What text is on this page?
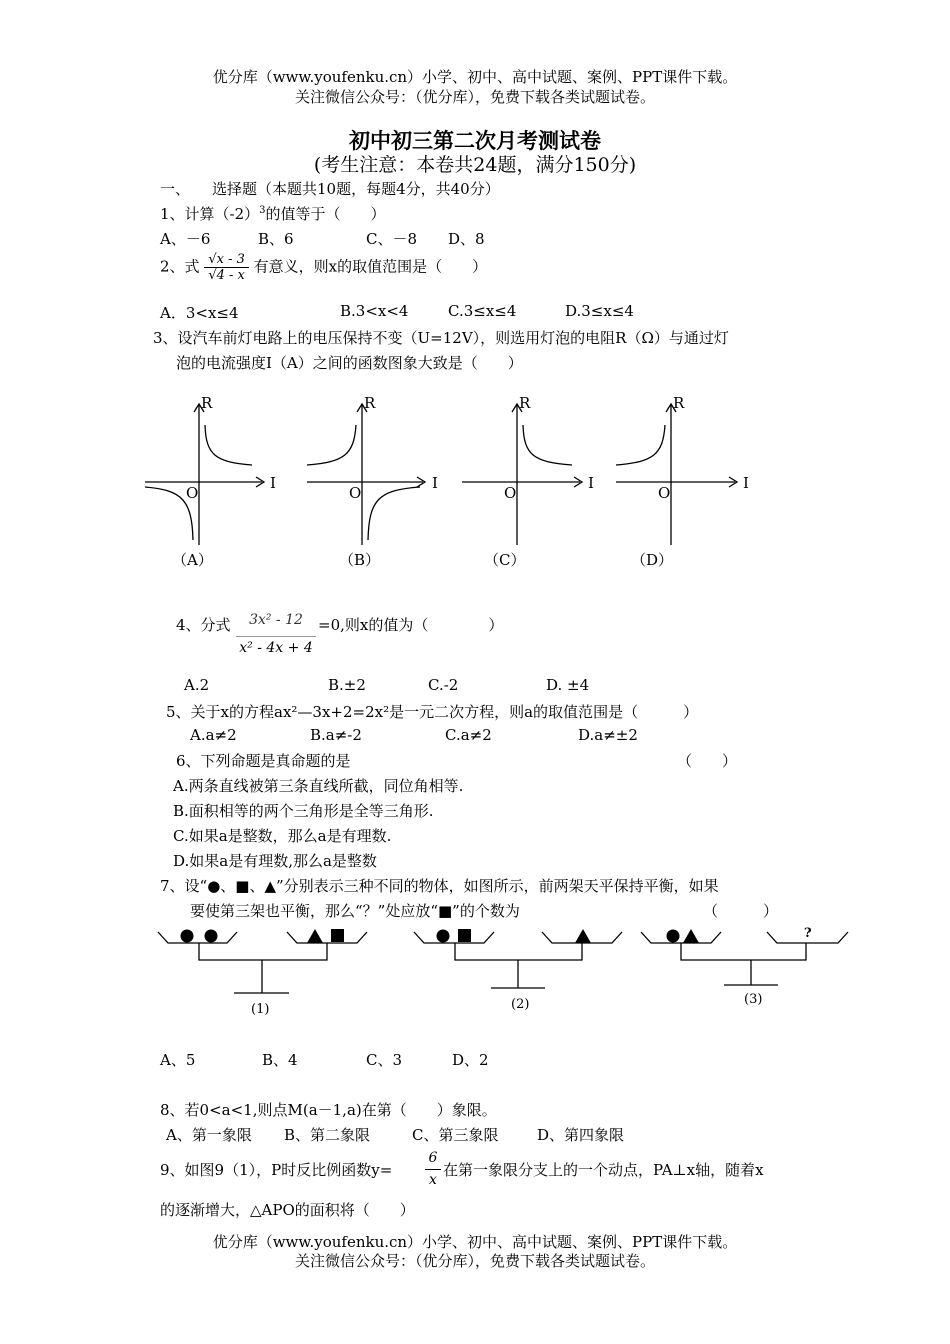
优分库（www.youfenku.cn）小学、初中、高中试题、案例、PPT课件下载。
关注微信公众号：（优分库），免费下载各类试题试卷。
初中初三第二次月考测试卷
(考生注意：本卷共24题，满分150分)
一、 选择题（本题共10题，每题4分，共40分）
1、计算$(-2)^3$的值等于（　　）
A、－6	B、6	C、－8 D、8
2、式 $\frac{√x - 3}{√4 - x}$ 有意义，则x的取值范围是（　　）
A．3<x≤4	B.3<x<4	C.3≤x≤4	D.3≤x≤4
3、设汽车前灯电路上的电压保持不变（U=12V），则选用灯泡的电阻R（Ω）与通过灯
泡的电流强度I（A）之间的函数图象大致是（　　）
R
I
O
（A）
R
I
O
（B）
R
I
O
（C）
R
I
O
（D）
?
(1)	(2)	(3)
4、分式	3x² - 12
x² - 4x + 4
=0,则x的值为（　　　　）
A.2	B.±2	C.-2	D. ±4
5、关于x的方程ax²—3x+2=2x²是一元二次方程，则a的取值范围是（　　　）
A.a≠2	B.a≠-2	C.a≠2	D.a≠±2
6、下列命题是真命题的是	（　　）
A.两条直线被第三条直线所截，同位角相等.
B.面积相等的两个三角形是全等三角形.
C.如果a是整数，那么a是有理数.
D.如果a是有理数,那么a是整数
7、设“●、■、▲”分别表示三种不同的物体，如图所示，前两架天平保持平衡，如果
要使第三架也平衡，那么“？”处应放“■”的个数为	（　　　）
A、5	B、4	C、3	D、2
8、若0<a<1,则点M(a－1,a)在第（　　）象限。
A、第一象限 B、第二象限	C、第三象限	D、第四象限
9、如图9（1），P时反比例函数y=
6
x
在第一象限分支上的一个动点，PA⊥x轴，随着x
的逐渐增大，△APO的面积将（　　）
优分库（www.youfenku.cn）小学、初中、高中试题、案例、PPT课件下载。
关注微信公众号：（优分库），免费下载各类试题试卷。
